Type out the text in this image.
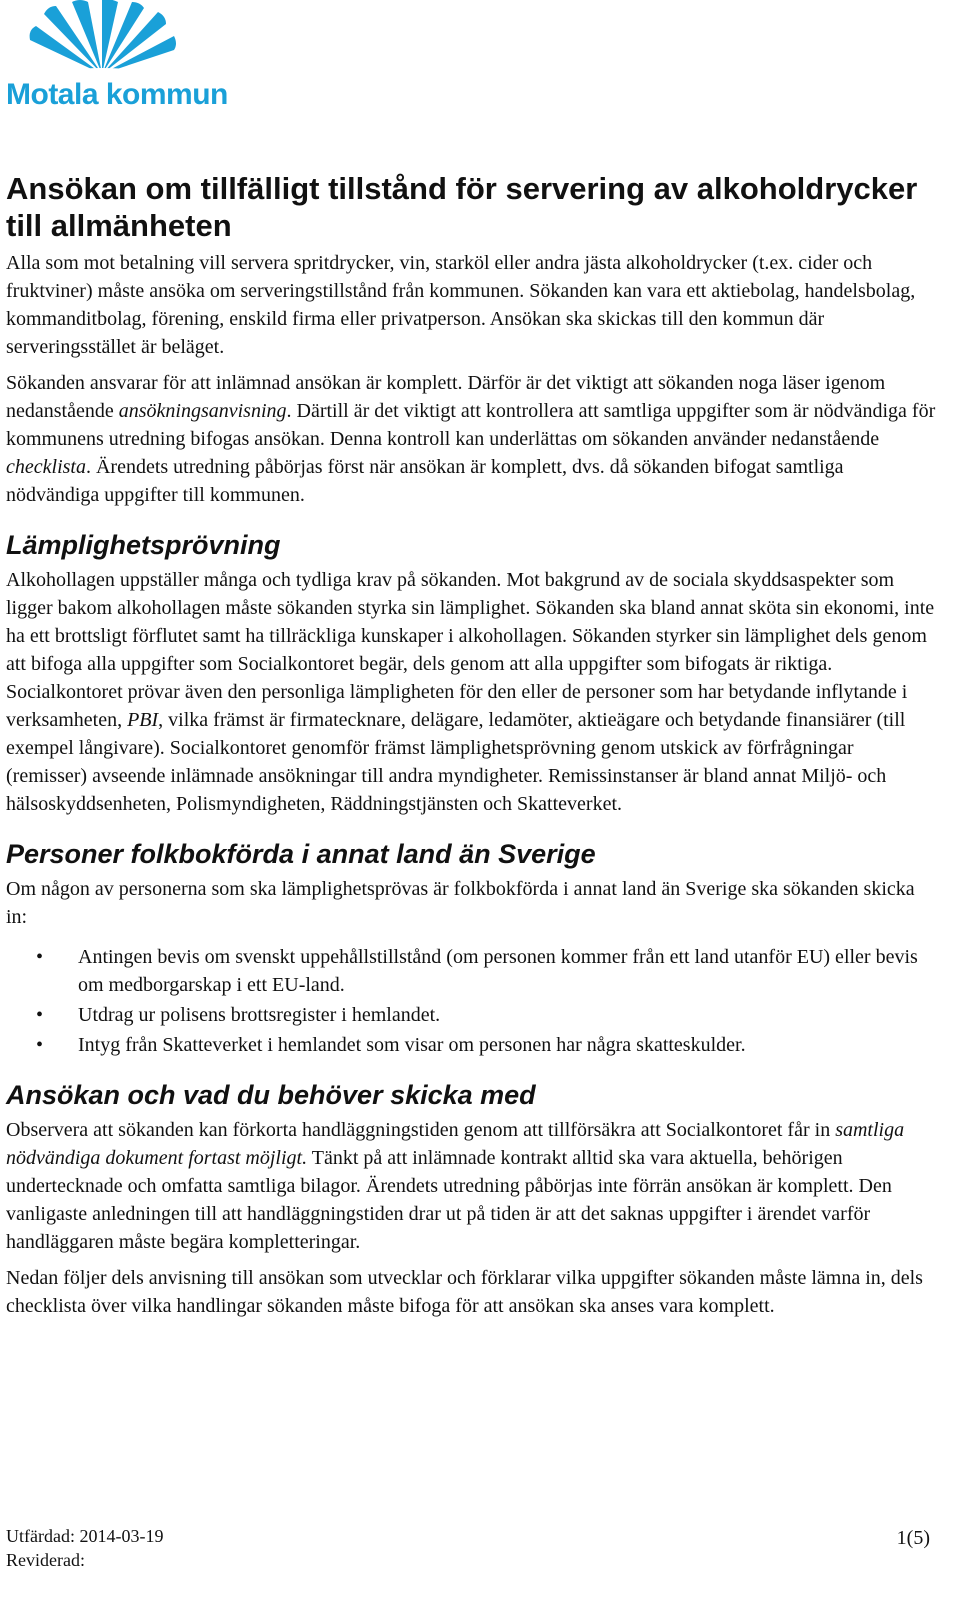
Motala kommun
Ansökan om tillfälligt tillstånd för servering av alkoholdrycker till allmänheten

Alla som mot betalning vill servera spritdrycker, vin, starköl eller andra jästa alkoholdrycker (t.ex. cider och fruktviner) måste ansöka om serveringstillstånd från kommunen. Sökanden kan vara ett aktiebolag, handelsbolag, kommanditbolag, förening, enskild firma eller privatperson. Ansökan ska skickas till den kommun där serveringsstället är beläget.

Sökanden ansvarar för att inlämnad ansökan är komplett. Därför är det viktigt att sökanden noga läser igenom nedanstående ansökningsanvisning. Därtill är det viktigt att kontrollera att samtliga uppgifter som är nödvändiga för kommunens utredning bifogas ansökan. Denna kontroll kan underlättas om sökanden använder nedanstående checklista. Ärendets utredning påbörjas först när ansökan är komplett, dvs. då sökanden bifogat samtliga nödvändiga uppgifter till kommunen.

Lämplighetsprövning

Alkohollagen uppställer många och tydliga krav på sökanden. Mot bakgrund av de sociala skyddsaspekter som ligger bakom alkohollagen måste sökanden styrka sin lämplighet. Sökanden ska bland annat sköta sin ekonomi, inte ha ett brottsligt förflutet samt ha tillräckliga kunskaper i alkohollagen. Sökanden styrker sin lämplighet dels genom att bifoga alla uppgifter som Socialkontoret begär, dels genom att alla uppgifter som bifogats är riktiga. Socialkontoret prövar även den personliga lämpligheten för den eller de personer som har betydande inflytande i verksamheten, PBI, vilka främst är firmatecknare, delägare, ledamöter, aktieägare och betydande finansiärer (till exempel långivare). Socialkontoret genomför främst lämplighetsprövning genom utskick av förfrågningar (remisser) avseende inlämnade ansökningar till andra myndigheter. Remissinstanser är bland annat Miljö- och hälsoskyddsenheten, Polismyndigheten, Räddningstjänsten och Skatteverket.

Personer folkbokförda i annat land än Sverige

Om någon av personerna som ska lämplighetsprövas är folkbokförda i annat land än Sverige ska sökanden skicka in:

• Antingen bevis om svenskt uppehållstillstånd (om personen kommer från ett land utanför EU) eller bevis om medborgarskap i ett EU-land.
• Utdrag ur polisens brottsregister i hemlandet.
• Intyg från Skatteverket i hemlandet som visar om personen har några skatteskulder.
Ansökan och vad du behöver skicka med

Observera att sökanden kan förkorta handläggningstiden genom att tillförsäkra att Socialkontoret får in samtliga nödvändiga dokument fortast möjligt. Tänkt på att inlämnade kontrakt alltid ska vara aktuella, behörigen undertecknade och omfatta samtliga bilagor. Ärendets utredning påbörjas inte förrän ansökan är komplett. Den vanligaste anledningen till att handläggningstiden drar ut på tiden är att det saknas uppgifter i ärendet varför handläggaren måste begära kompletteringar.

Nedan följer dels anvisning till ansökan som utvecklar och förklarar vilka uppgifter sökanden måste lämna in, dels checklista över vilka handlingar sökanden måste bifoga för att ansökan ska anses vara komplett.

Utfärdad: 2014-03-19
Reviderad:
1(5)
